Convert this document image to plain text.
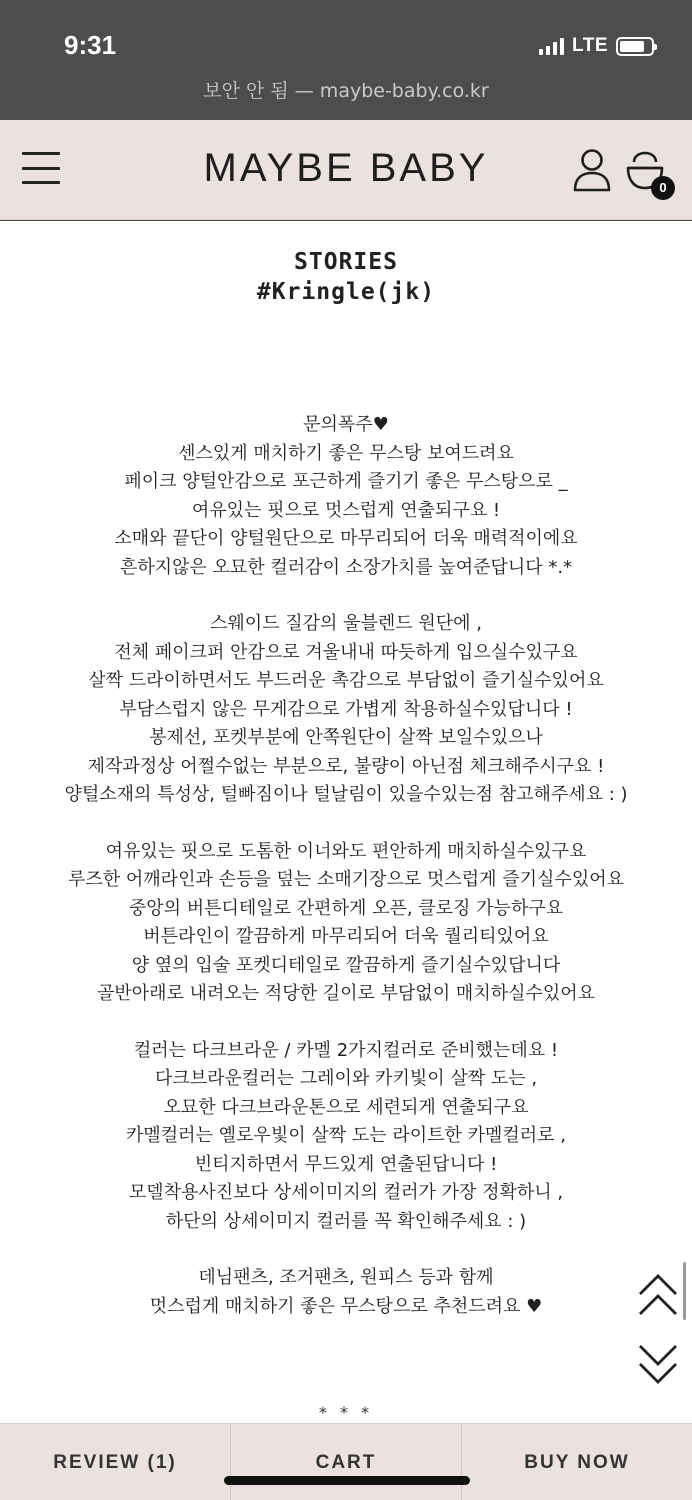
9:31	LTE
보안 안 됨 — maybe-baby.co.kr
MAYBE BABY	0
STORIES
#Kringle(jk)

문의폭주♥

센스있게 매치하기 좋은 무스탕 보여드려요

페이크 양털안감으로 포근하게 즐기기 좋은 무스탕으로 _

여유있는 핏으로 멋스럽게 연출되구요 !

소매와 끝단이 양털원단으로 마무리되어 더욱 매력적이에요

흔하지않은 오묘한 컬러감이 소장가치를 높여준답니다 *.*

스웨이드 질감의 울블렌드 원단에 ,

전체 페이크퍼 안감으로 겨울내내 따듯하게 입으실수있구요

살짝 드라이하면서도 부드러운 촉감으로 부담없이 즐기실수있어요

부담스럽지 않은 무게감으로 가볍게 착용하실수있답니다 !

봉제선, 포켓부분에 안쪽원단이 살짝 보일수있으나

제작과정상 어쩔수없는 부분으로, 불량이 아닌점 체크해주시구요 !

양털소재의 특성상, 털빠짐이나 털날림이 있을수있는점 참고해주세요 : )

여유있는 핏으로 도톰한 이너와도 편안하게 매치하실수있구요

루즈한 어깨라인과 손등을 덮는 소매기장으로 멋스럽게 즐기실수있어요

중앙의 버튼디테일로 간편하게 오픈, 클로징 가능하구요

버튼라인이 깔끔하게 마무리되어 더욱 퀄리티있어요

양 옆의 입술 포켓디테일로 깔끔하게 즐기실수있답니다

골반아래로 내려오는 적당한 길이로 부담없이 매치하실수있어요

컬러는 다크브라운 / 카멜 2가지컬러로 준비했는데요 !

다크브라운컬러는 그레이와 카키빛이 살짝 도는 ,

오묘한 다크브라운톤으로 세련되게 연출되구요

카멜컬러는 옐로우빛이 살짝 도는 라이트한 카멜컬러로 ,

빈티지하면서 무드있게 연출된답니다 !

모델착용사진보다 상세이미지의 컬러가 가장 정확하니 ,

하단의 상세이미지 컬러를 꼭 확인해주세요 : )

데님팬츠, 조거팬츠, 원피스 등과 함께

멋스럽게 매치하기 좋은 무스탕으로 추천드려요 ♥

* * *
REVIEW (1)	CART	BUY NOW
